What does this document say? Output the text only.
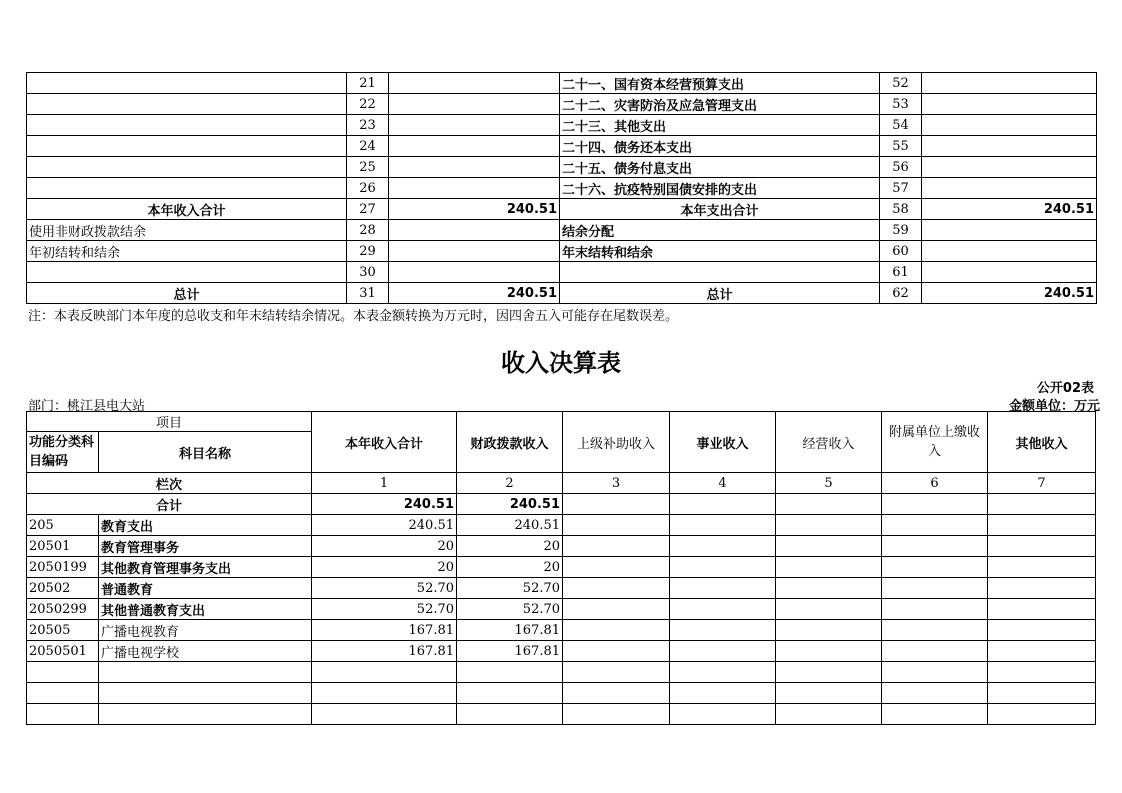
	21		二十一、国有资本经营预算支出	52	
	22		二十二、灾害防治及应急管理支出	53	
	23		二十三、其他支出	54	
	24		二十四、债务还本支出	55	
	25		二十五、债务付息支出	56	
	26		二十六、抗疫特别国债安排的支出	57	
本年收入合计	27	240.51	本年支出合计	58	240.51
使用非财政拨款结余	28		结余分配	59	
年初结转和结余	29		年末结转和结余	60	
	30			61	
总计	31	240.51	总计	62	240.51
注：本表反映部门本年度的总收支和年末结转结余情况。本表金额转换为万元时，因四舍五入可能存在尾数误差。
收入决算表
公开02表
部门：桃江县电大站	金额单位：万元
项目		本年收入合计	财政拨款收入	上级补助收入	事业收入	经营收入	附属单位上缴收入	其他收入
功能分类科目编码	科目名称							
栏次		1	2	3	4	5	6	7
合计		240.51	240.51					
205	教育支出	240.51	240.51					
20501	教育管理事务	20	20					
2050199	其他教育管理事务支出	20	20					
20502	普通教育	52.70	52.70					
2050299	其他普通教育支出	52.70	52.70					
20505	广播电视教育	167.81	167.81					
2050501	广播电视学校	167.81	167.81					
